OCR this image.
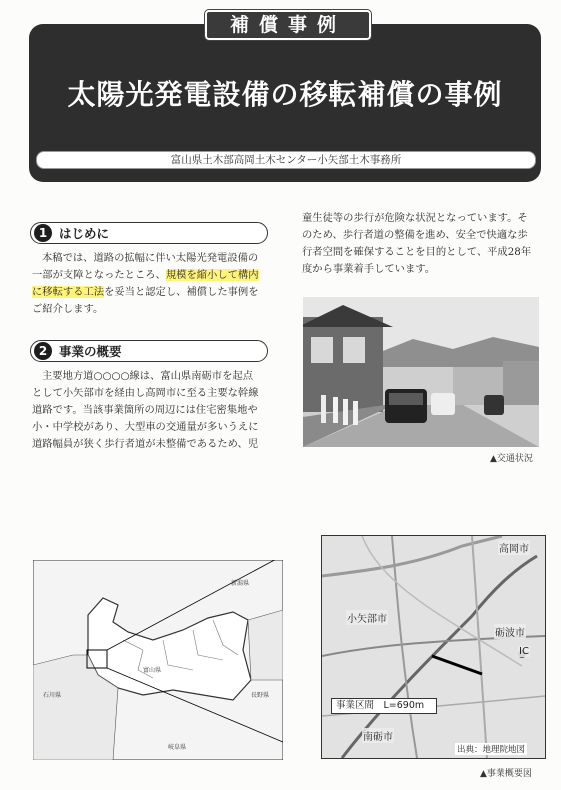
補償事例
太陽光発電設備の移転補償の事例
富山県土木部高岡土木センター小矢部土木事務所
1 はじめに
本稿では、道路の拡幅に伴い太陽光発電設備の
一部が支障となったところ、規模を縮小して構内
に移転する工法を妥当と認定し、補償した事例を
ご紹介します。
2 事業の概要
主要地方道○○○○線は、富山県南砺市を起点
として小矢部市を経由し高岡市に至る主要な幹線
道路です。当該事業箇所の周辺には住宅密集地や
小・中学校があり、大型車の交通量が多いうえに
道路幅員が狭く歩行者道が未整備であるため、児
童生徒等の歩行が危険な状況となっています。そ
のため、歩行者道の整備を進め、安全で快適な歩
行者空間を確保することを目的として、平成28年
度から事業着手しています。
▲交通状況
新潟県
富山県
石川県	長野県
岐阜県
高岡市
小矢部市
砺波市
IC
南砺市
事業区間　L=690m
出典：地理院地図
▲事業概要図
